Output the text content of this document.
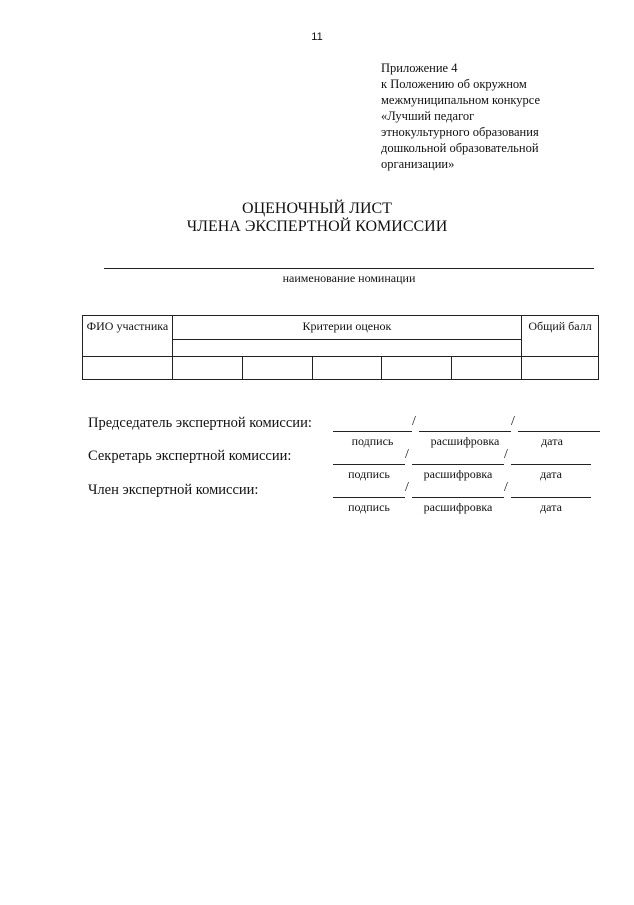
11
Приложение 4
к Положению об окружном
межмуниципальном конкурсе
«Лучший педагог
этнокультурного образования
дошкольной образовательной
организации»
ОЦЕНОЧНЫЙ ЛИСТ
ЧЛЕНА ЭКСПЕРТНОЙ КОМИССИИ
наименование номинации
ФИО участника	Критерии оценок					Общий балл

Председатель экспертной комиссии:	/	/
подпись	расшифровка	дата
Секретарь экспертной комиссии:	/	/
подпись	расшифровка	дата
Член экспертной комиссии:	/	/
подпись	расшифровка	дата
